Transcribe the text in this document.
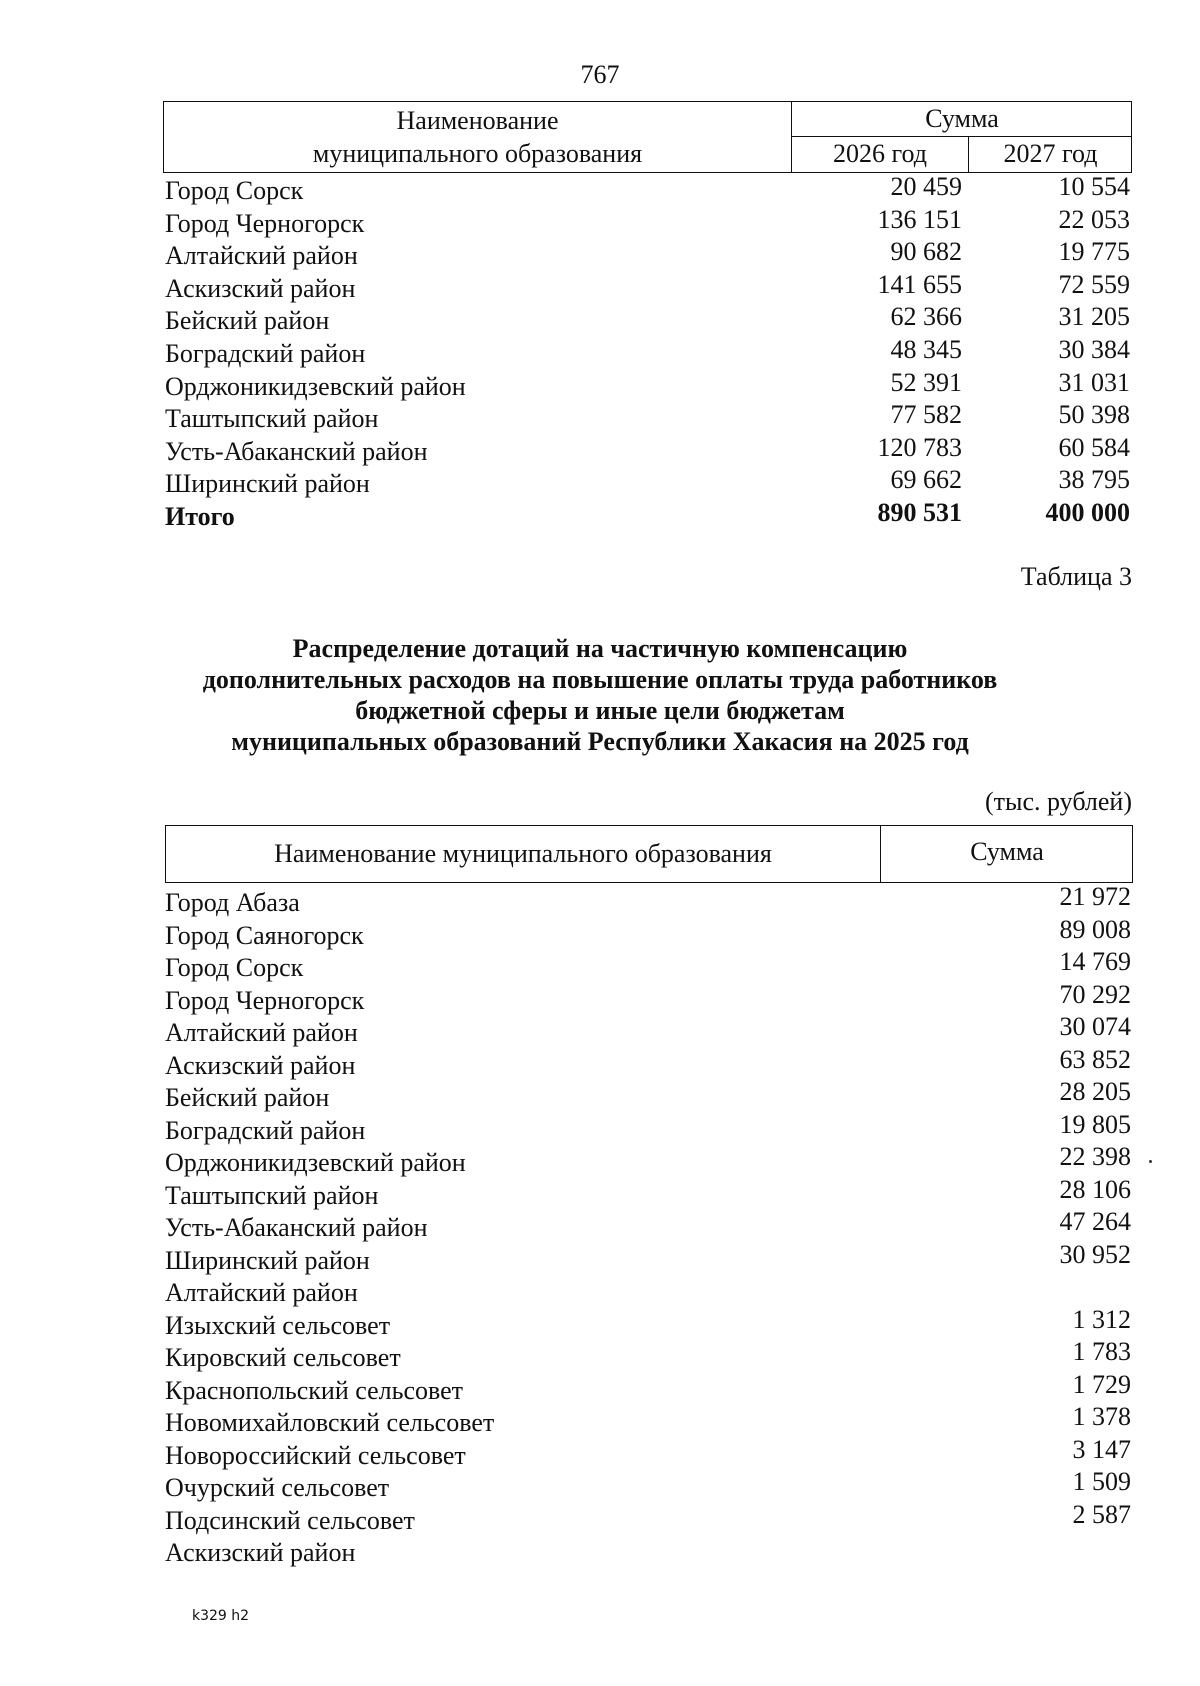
767
Наименование
муниципального образования
Сумма
2026 год	2027 год
Город Сорск	20 459	10 554
Город Черногорск	136 151	22 053
Алтайский район	90 682	19 775
Аскизский район	141 655	72 559
Бейский район	62 366	31 205
Боградский район	48 345	30 384
Орджоникидзевский район	52 391	31 031
Таштыпский район	77 582	50 398
Усть-Абаканский район	120 783	60 584
Ширинский район	69 662	38 795
Итого	890 531	400 000
Таблица 3
Распределение дотаций на частичную компенсацию
дополнительных расходов на повышение оплаты труда работников
бюджетной сферы и иные цели бюджетам
муниципальных образований Республики Хакасия на 2025 год
(тыс. рублей)
Наименование муниципального образования	Сумма
Город Абаза	21 972
Город Саяногорск	89 008
Город Сорск	14 769
Город Черногорск	70 292
Алтайский район	30 074
Аскизский район	63 852
Бейский район	28 205
Боградский район	19 805
Орджоникидзевский район	22 398
Таштыпский район	28 106
Усть-Абаканский район	47 264
Ширинский район	30 952
Алтайский район
Изыхский сельсовет	1 312
Кировский сельсовет	1 783
Краснопольский сельсовет	1 729
Новомихайловский сельсовет	1 378
Новороссийский сельсовет	3 147
Очурский сельсовет	1 509
Подсинский сельсовет	2 587
Аскизский район
k329 h2
